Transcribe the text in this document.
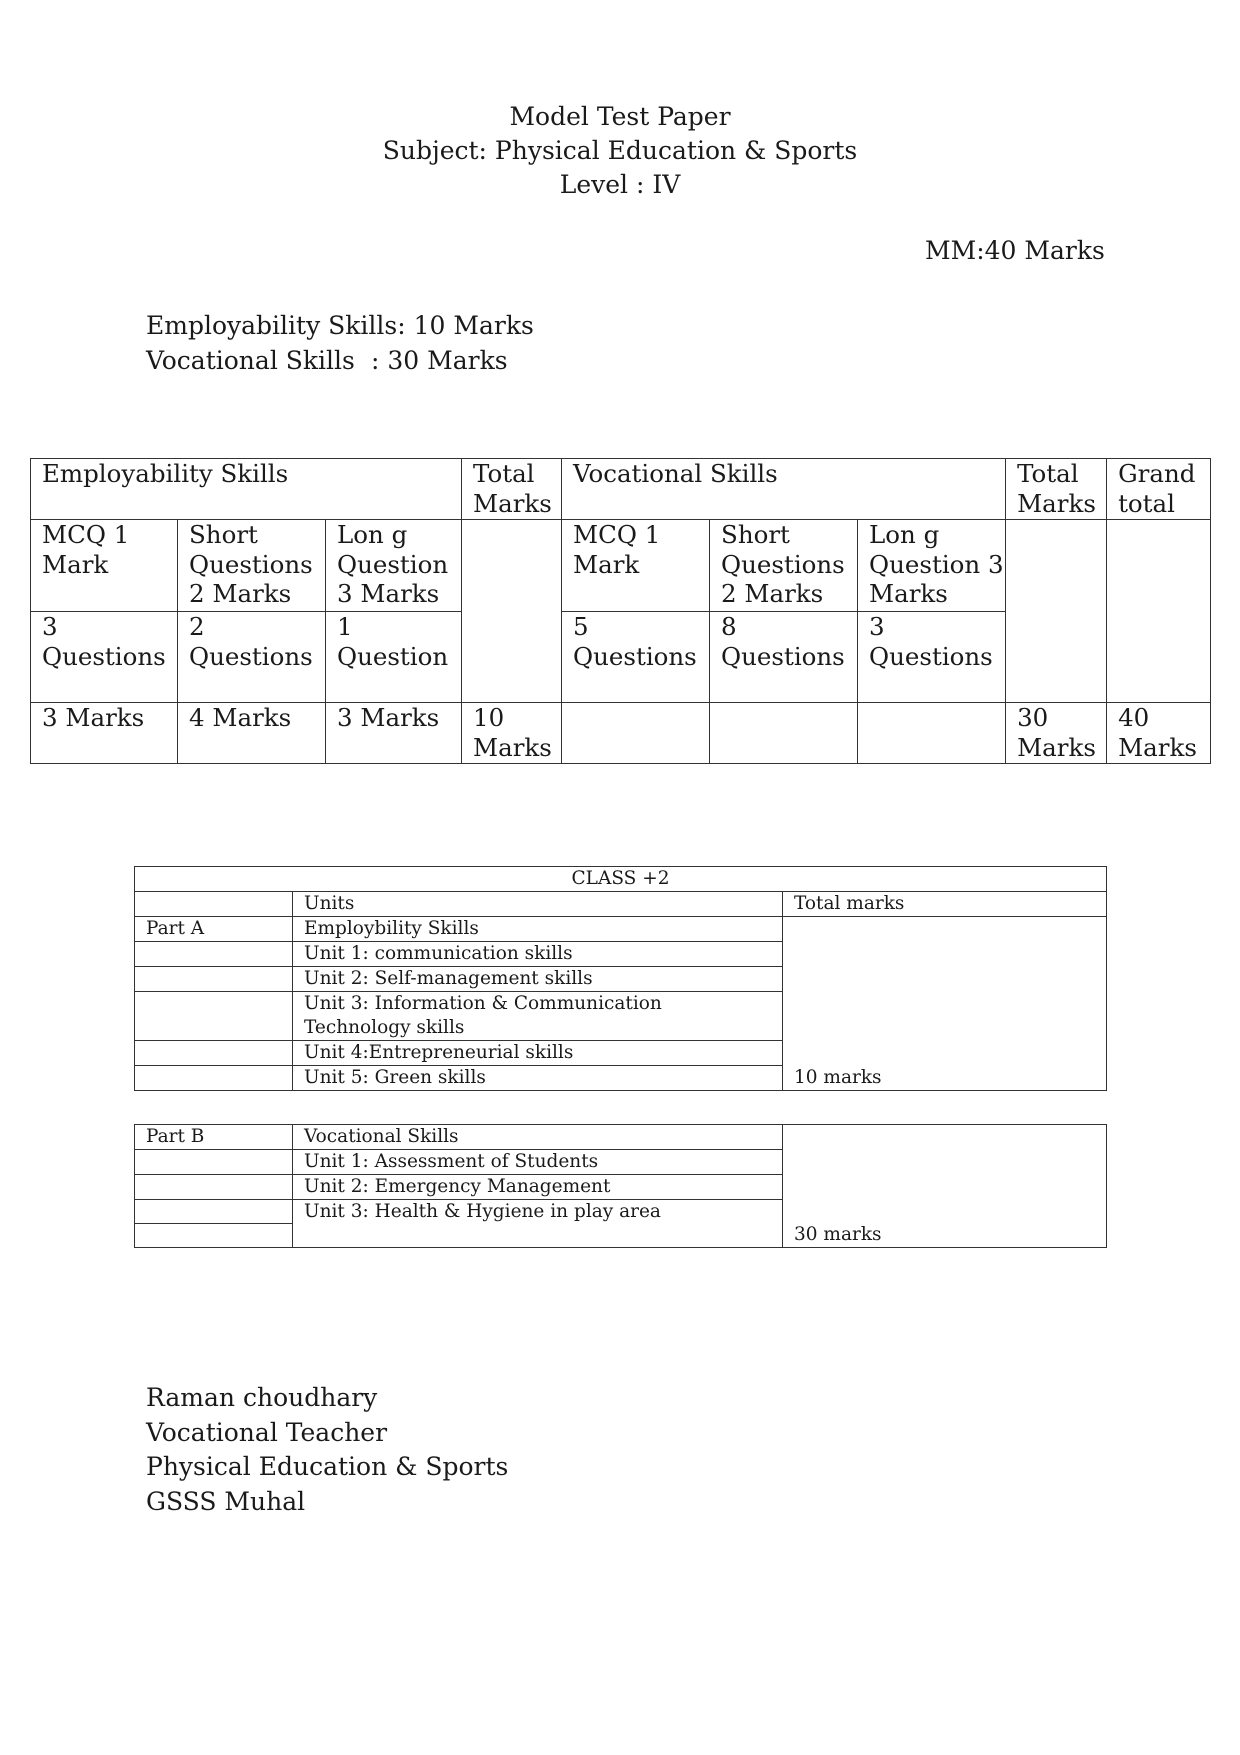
Model Test Paper
Subject: Physical Education & Sports
Level : IV
MM:40 Marks
Employability Skills: 10 Marks
Vocational Skills : 30 Marks
Employability Skills			Total Marks	Vocational Skills			Total Marks	Grand total
MCQ 1 Mark	Short Questions 2 Marks	Lon g Question 3 Marks		MCQ 1 Mark	Short Questions 2 Marks	Lon g Question 3 Marks		
3 Questions	2 Questions	1 Question		5 Questions	8 Questions	3 Questions		
3 Marks	4 Marks	3 Marks	10 Marks				30 Marks	40 Marks
CLASS +2		
	Units	Total marks
Part A	Employbility Skills	10 marks
	Unit 1: communication skills	
	Unit 2: Self-management skills	
	Unit 3: Information & Communication Technology skills	
	Unit 4:Entrepreneurial skills	
	Unit 5: Green skills	
Part B	Vocational Skills	30 marks
	Unit 1: Assessment of Students	
	Unit 2: Emergency Management	
	Unit 3: Health & Hygiene in play area	

Raman choudhary
Vocational Teacher
Physical Education & Sports
GSSS Muhal
